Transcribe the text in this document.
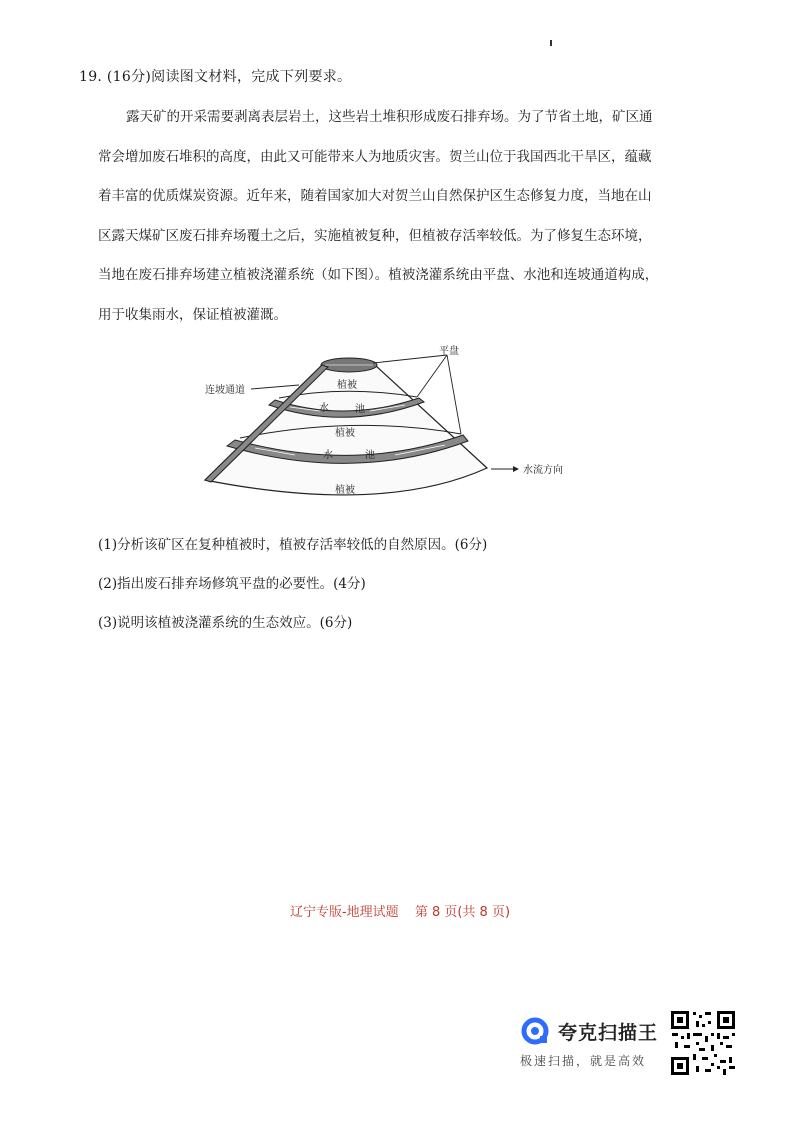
19. (16分)阅读图文材料，完成下列要求。
露天矿的开采需要剥离表层岩土，这些岩土堆积形成废石排弃场。为了节省土地，矿区通
常会增加废石堆积的高度，由此又可能带来人为地质灾害。贺兰山位于我国西北干旱区，蕴藏
着丰富的优质煤炭资源。近年来，随着国家加大对贺兰山自然保护区生态修复力度，当地在山
区露天煤矿区废石排弃场覆土之后，实施植被复种，但植被存活率较低。为了修复生态环境，
当地在废石排弃场建立植被浇灌系统（如下图）。植被浇灌系统由平盘、水池和连坡通道构成，
用于收集雨水，保证植被灌溉。
平盘
连坡通道
水流方向
植被
植被
植被
水	池
水	池
(1)分析该矿区在复种植被时，植被存活率较低的自然原因。(6分)
(2)指出废石排弃场修筑平盘的必要性。(4分)
(3)说明该植被浇灌系统的生态效应。(6分)
辽宁专版-地理试题 第 8 页(共 8 页)
夸克扫描王
极速扫描，就是高效
